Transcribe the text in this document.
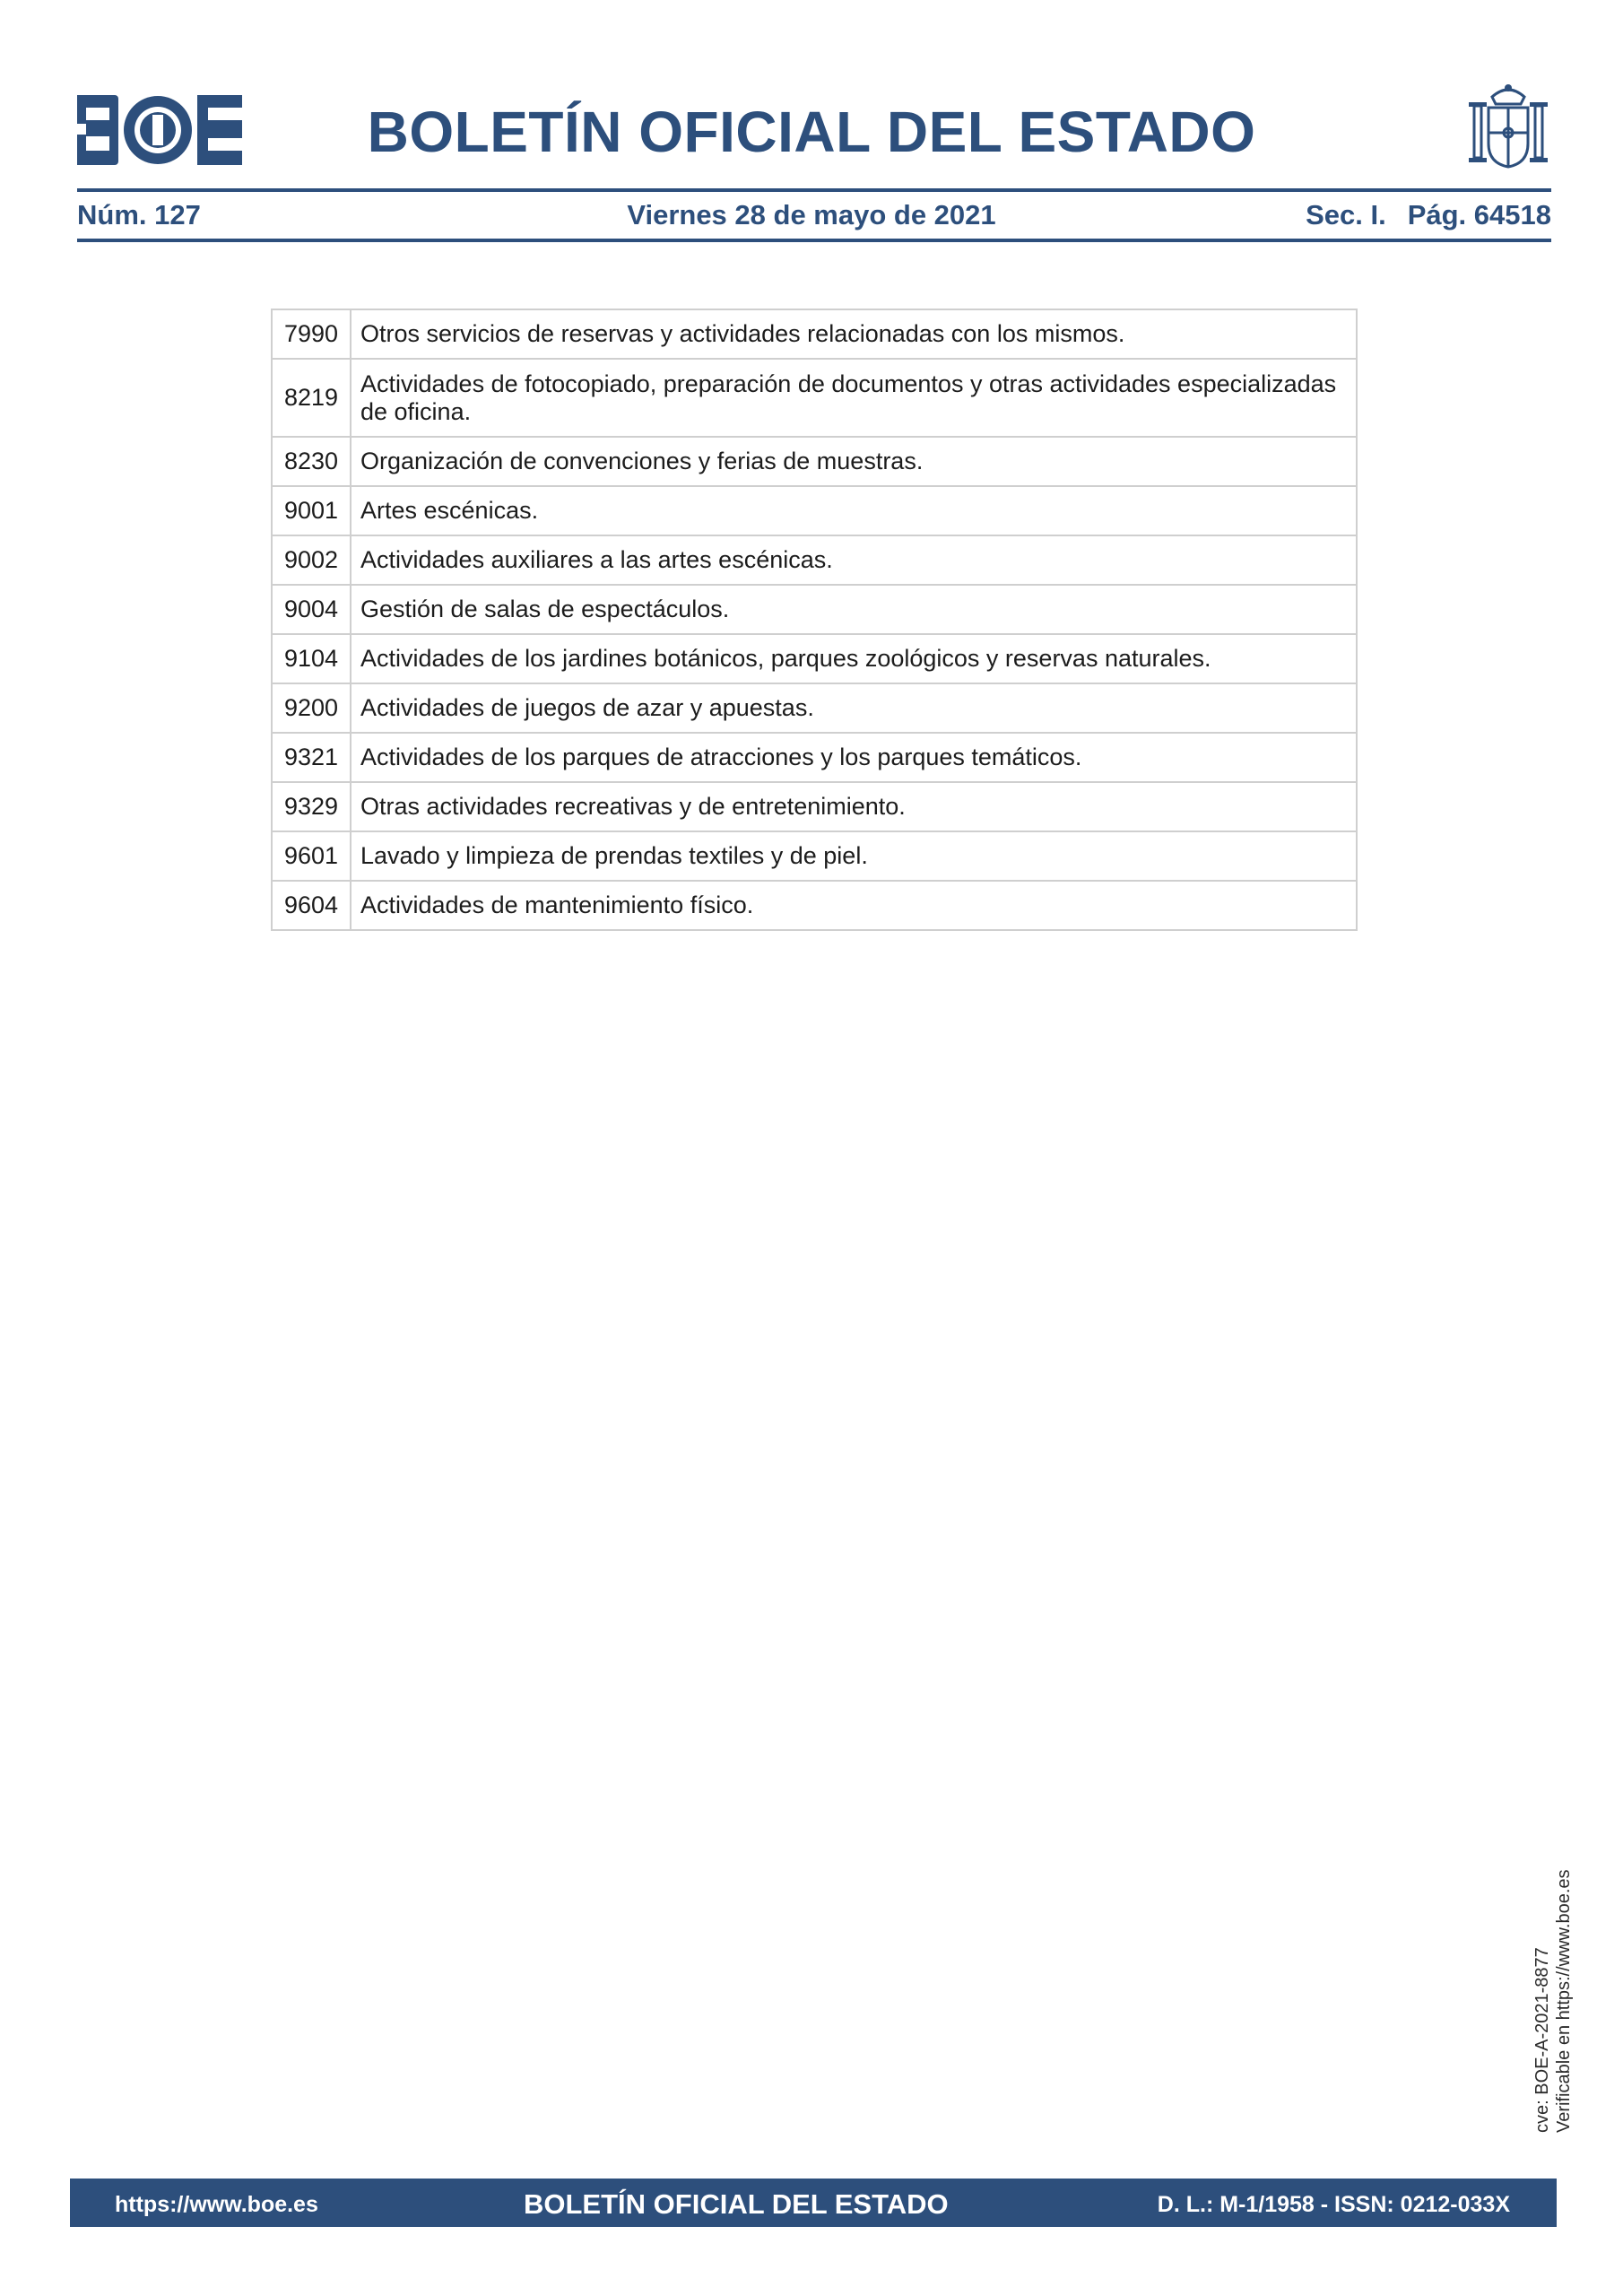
BOLETÍN OFICIAL DEL ESTADO
Núm. 127	Viernes 28 de mayo de 2021	Sec. I. Pág. 64518
7990	Otros servicios de reservas y actividades relacionadas con los mismos.
8219	Actividades de fotocopiado, preparación de documentos y otras actividades especializadas de oficina.
8230	Organización de convenciones y ferias de muestras.
9001	Artes escénicas.
9002	Actividades auxiliares a las artes escénicas.
9004	Gestión de salas de espectáculos.
9104	Actividades de los jardines botánicos, parques zoológicos y reservas naturales.
9200	Actividades de juegos de azar y apuestas.
9321	Actividades de los parques de atracciones y los parques temáticos.
9329	Otras actividades recreativas y de entretenimiento.
9601	Lavado y limpieza de prendas textiles y de piel.
9604	Actividades de mantenimiento físico.
cve: BOE-A-2021-8877 Verificable en https://www.boe.es
https://www.boe.es	BOLETÍN OFICIAL DEL ESTADO	D. L.: M-1/1958 - ISSN: 0212-033X
